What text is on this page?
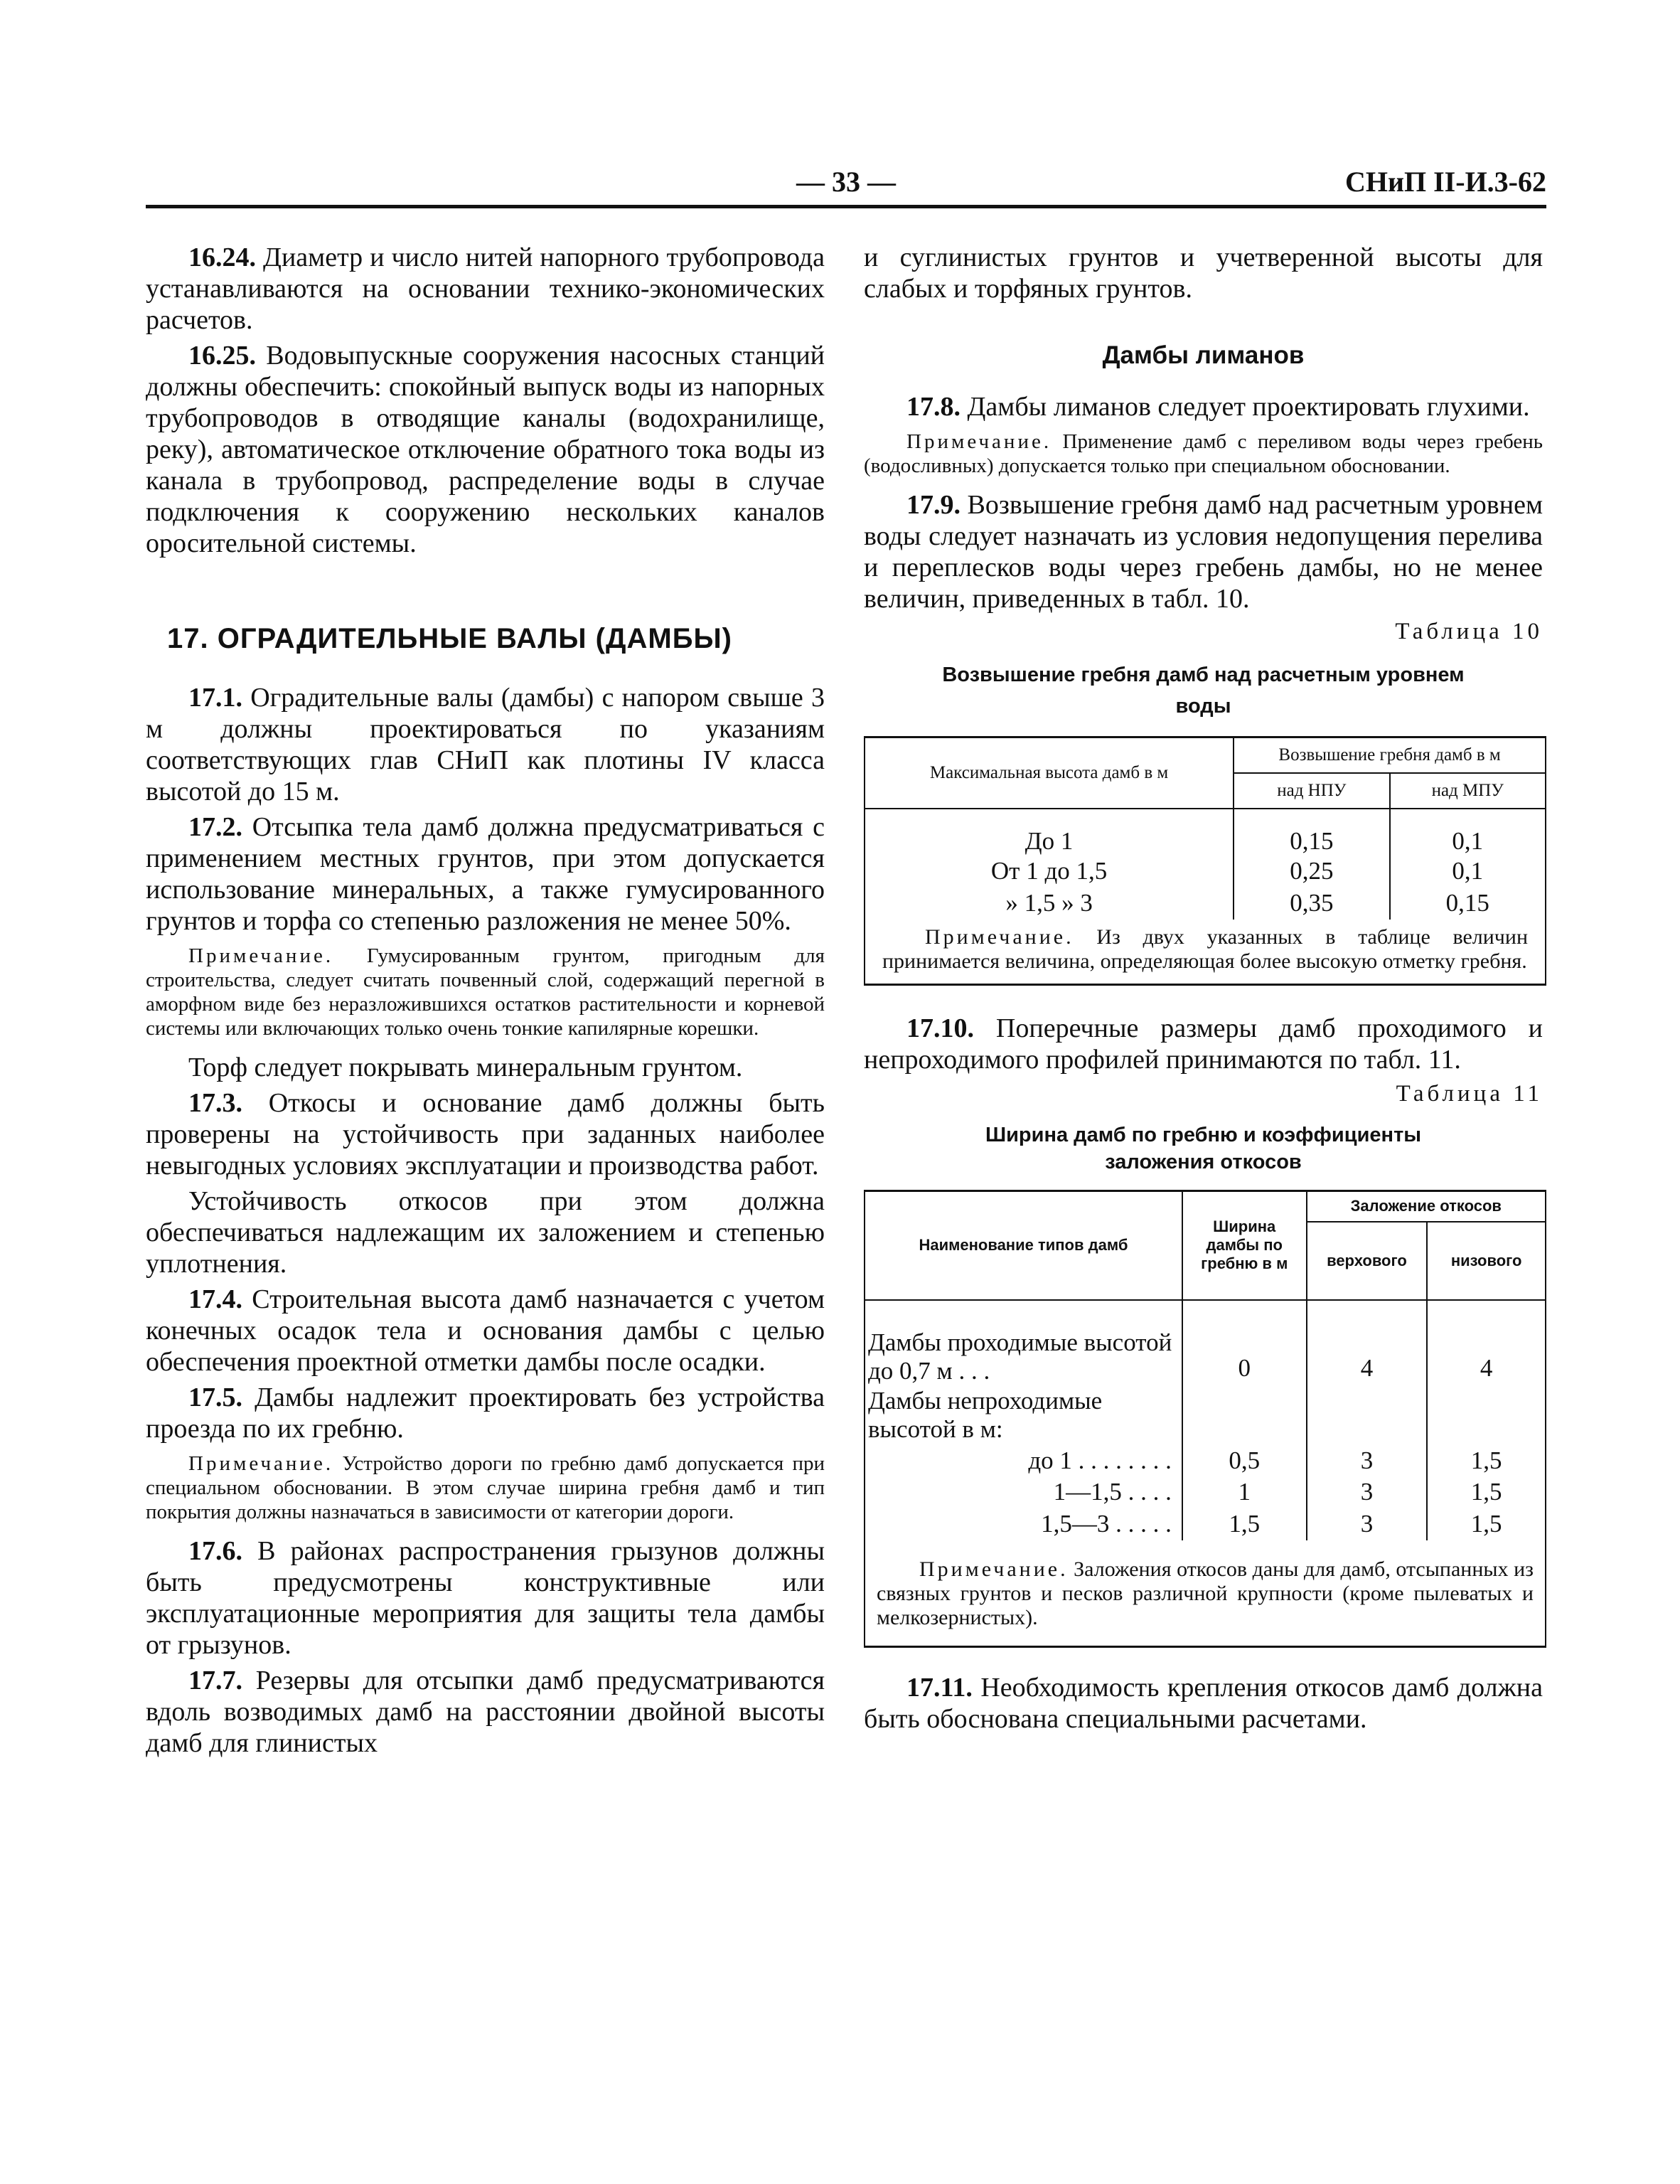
— 33 —	СНиП II-И.3-62

16.24. Диаметр и число нитей напорного трубопровода устанавливаются на основании технико-экономических расчетов.

16.25. Водовыпускные сооружения насосных станций должны обеспечить: спокойный выпуск воды из напорных трубопроводов в отводящие каналы (водохранилище, реку), автоматическое отключение обратного тока воды из канала в трубопровод, распределение воды в случае подключения к сооружению нескольких каналов оросительной системы.

17. ОГРАДИТЕЛЬНЫЕ ВАЛЫ (ДАМБЫ)

17.1. Оградительные валы (дамбы) с напором свыше 3 м должны проектироваться по указаниям соответствующих глав СНиП как плотины IV класса высотой до 15 м.

17.2. Отсыпка тела дамб должна предусматриваться с применением местных грунтов, при этом допускается использование минеральных, а также гумусированного грунтов и торфа со степенью разложения не менее 50%.

Примечание. Гумусированным грунтом, пригодным для строительства, следует считать почвенный слой, содержащий перегной в аморфном виде без неразложившихся остатков растительности и корневой системы или включающих только очень тонкие капилярные корешки.

Торф следует покрывать минеральным грунтом.

17.3. Откосы и основание дамб должны быть проверены на устойчивость при заданных наиболее невыгодных условиях эксплуатации и производства работ.

Устойчивость откосов при этом должна обеспечиваться надлежащим их заложением и степенью уплотнения.

17.4. Строительная высота дамб назначается с учетом конечных осадок тела и основания дамбы с целью обеспечения проектной отметки дамбы после осадки.

17.5. Дамбы надлежит проектировать без устройства проезда по их гребню.

Примечание. Устройство дороги по гребню дамб допускается при специальном обосновании. В этом случае ширина гребня дамб и тип покрытия должны назначаться в зависимости от категории дороги.

17.6. В районах распространения грызунов должны быть предусмотрены конструктивные или эксплуатационные мероприятия для защиты тела дамбы от грызунов.

17.7. Резервы для отсыпки дамб предусматриваются вдоль возводимых дамб на расстоянии двойной высоты дамб для глинистых

и суглинистых грунтов и учетверенной высоты для слабых и торфяных грунтов.

Дамбы лиманов

17.8. Дамбы лиманов следует проектировать глухими.

Примечание. Применение дамб с переливом воды через гребень (водосливных) допускается только при специальном обосновании.

17.9. Возвышение гребня дамб над расчетным уровнем воды следует назначать из условия недопущения перелива и переплесков воды через гребень дамбы, но не менее величин, приведенных в табл. 10.

Таблица 10
Возвышение гребня дамб над расчетным уровнем воды
Максимальная высота дамб в м	Возвышение гребня дамб в м	
	над НПУ	над МПУ
До 1	0,15	0,1
От 1 до 1,5	0,25	0,1
» 1,5 » 3	0,35	0,15

Примечание. Из двух указанных в таблице величин принимается величина, определяющая более высокую отметку гребня.		

17.10. Поперечные размеры дамб проходимого и непроходимого профилей принимаются по табл. 11.

Таблица 11
Ширина дамб по гребню и коэффициенты заложения откосов
Наименование типов дамб	Ширина дамбы по гребню в м	Заложение откосов	
		верхового	низового
Дамбы проходимые высотой до 0,7 м . . .	0	4	4
Дамбы непроходимые высотой в м:			
до 1 . . . . . . . .	0,5	3	1,5
1—1,5 . . . .	1	3	1,5
1,5—3 . . . . .	1,5	3	1,5

Примечание. Заложения откосов даны для дамб, отсыпанных из связных грунтов и песков различной крупности (кроме пылеватых и мелкозернистых).			

17.11. Необходимость крепления откосов дамб должна быть обоснована специальными расчетами.
